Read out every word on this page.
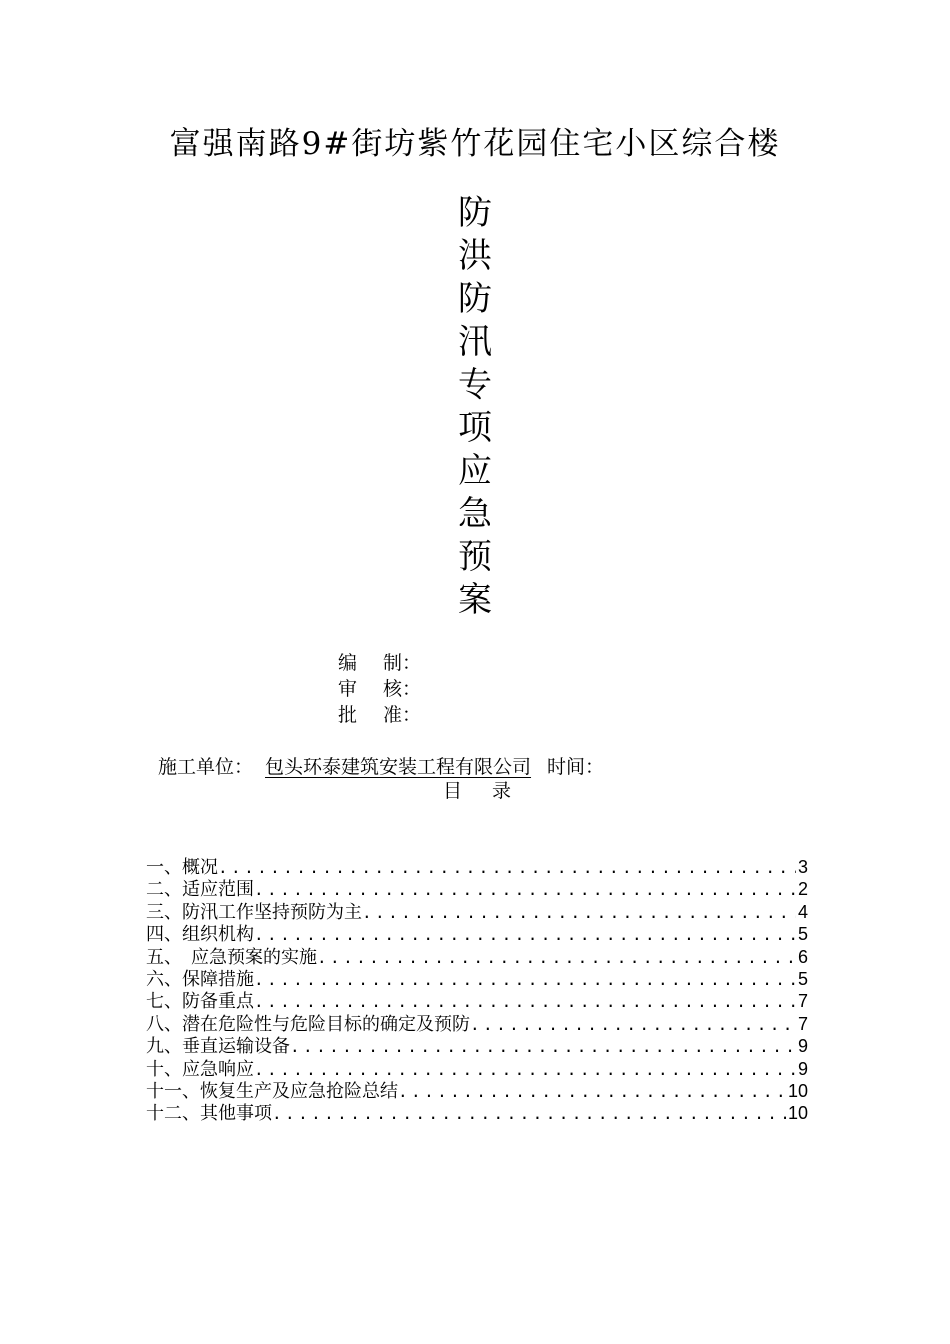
富强南路9#街坊紫竹花园住宅小区综合楼
防
洪
防
汛
专
项
应
急
预
案
编 制：
审 核：
批 准：
施工单位： 包头环泰建筑安装工程有限公司 时间：
目 录
一、概况 .....	3
二、适应范围 .....	2
三、防汛工作坚持预防为主 .....	4
四、组织机构 .....	5
五、　应急预案的实施 .....	6
六、保障措施 .....	5
七、防备重点 .....	7
八、潜在危险性与危险目标的确定及预防 .....	7
九、垂直运输设备 .....	9
十、应急响应 .....	9
十一、恢复生产及应急抢险总结 .....	10
十二、其他事项 .....	10
